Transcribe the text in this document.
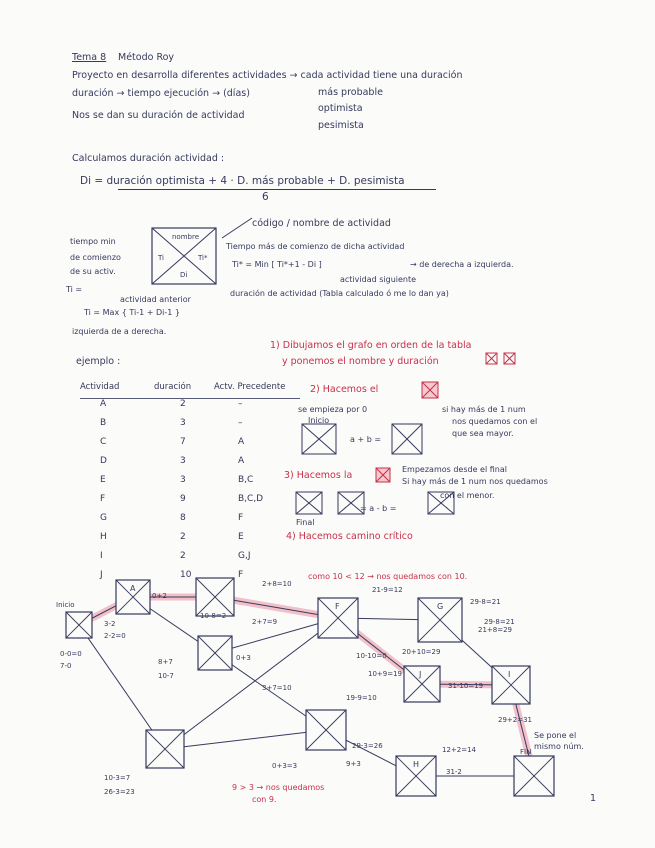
Tema 8 Método Roy
Proyecto en desarrolla diferentes actividades → cada actividad tiene una duración
duración → tiempo ejecución → (días)
Nos se dan su duración de actividad
más probable
optimista
pesimista
Calculamos duración actividad :
Di = duración optimista + 4 · D. más probable + D. pesimista
6
código / nombre de actividad
tiempo min
de comienzo
de su activ.
nombre
Ti	Ti*
Di
Tiempo más de comienzo de dicha actividad
Ti* = Min [ Ti*+1 - Di ]	→ de derecha a izquierda.
actividad siguiente
Ti =
actividad anterior
duración de actividad (Tabla calculado ó me lo dan ya)
Ti = Max { Ti-1 + Di-1 }
izquierda de a derecha.
1) Dibujamos el grafo en orden de la tabla
y ponemos el nombre y duración
2) Hacemos el
se empieza por 0	si hay más de 1 num
nos quedamos con el
que sea mayor.
Inicio
a + b =
3) Hacemos la
Empezamos desde el final
Si hay más de 1 num nos quedamos
con el menor.
= a - b =
Final
4) Hacemos camino crítico
ejemplo :
Actividad	duración	Actv. Precedente
A	2	–
B	3	–
C	7	A
D	3	A
E	3	B,C
F	9	B,C,D
G	8	F
H	2	E
I	2	G,J
J	10	F
A
F	G
J	I
H
Inicio
FIN
0+2
2+8=10
21-9=12
29-8=21
3-2
2-2=0
10-8=2
2+7=9
0+3
3+7=10
10-10=0
10+9=19
20+10=29
19-9=10
29-8=21
31-10=19
21+8=29
29+2=31
8+7
10-7
0-0=0
7-0
0+3=3
29-3=26	12+2=14
31-2
10-3=7
26-3=23
9+3
como 10 < 12 → nos quedamos con 10.
9 > 3 → nos quedamos
con 9.
Se pone el
mismo núm.
1
